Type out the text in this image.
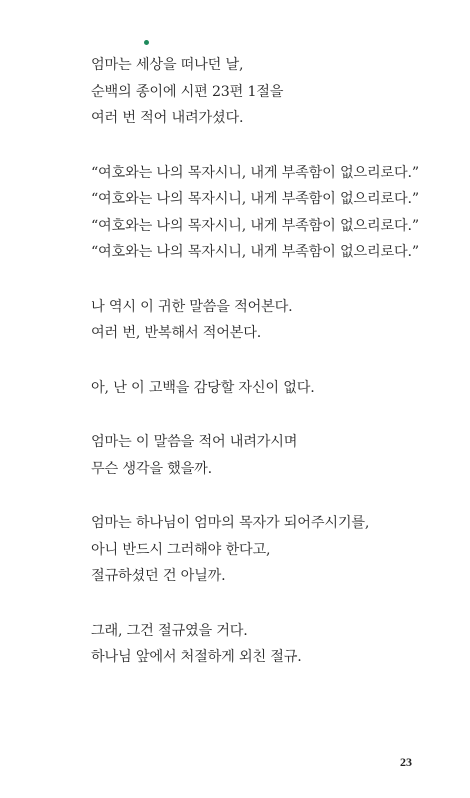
엄마는 세상을 떠나던 날,
순백의 종이에 시편 23편 1절을
여러 번 적어 내려가셨다.
“여호와는 나의 목자시니, 내게 부족함이 없으리로다.”
“여호와는 나의 목자시니, 내게 부족함이 없으리로다.”
“여호와는 나의 목자시니, 내게 부족함이 없으리로다.”
“여호와는 나의 목자시니, 내게 부족함이 없으리로다.”
나 역시 이 귀한 말씀을 적어본다.
여러 번, 반복해서 적어본다.
아, 난 이 고백을 감당할 자신이 없다.
엄마는 이 말씀을 적어 내려가시며
무슨 생각을 했을까.
엄마는 하나님이 엄마의 목자가 되어주시기를,
아니 반드시 그러해야 한다고,
절규하셨던 건 아닐까.
그래, 그건 절규였을 거다.
하나님 앞에서 처절하게 외친 절규.
23
